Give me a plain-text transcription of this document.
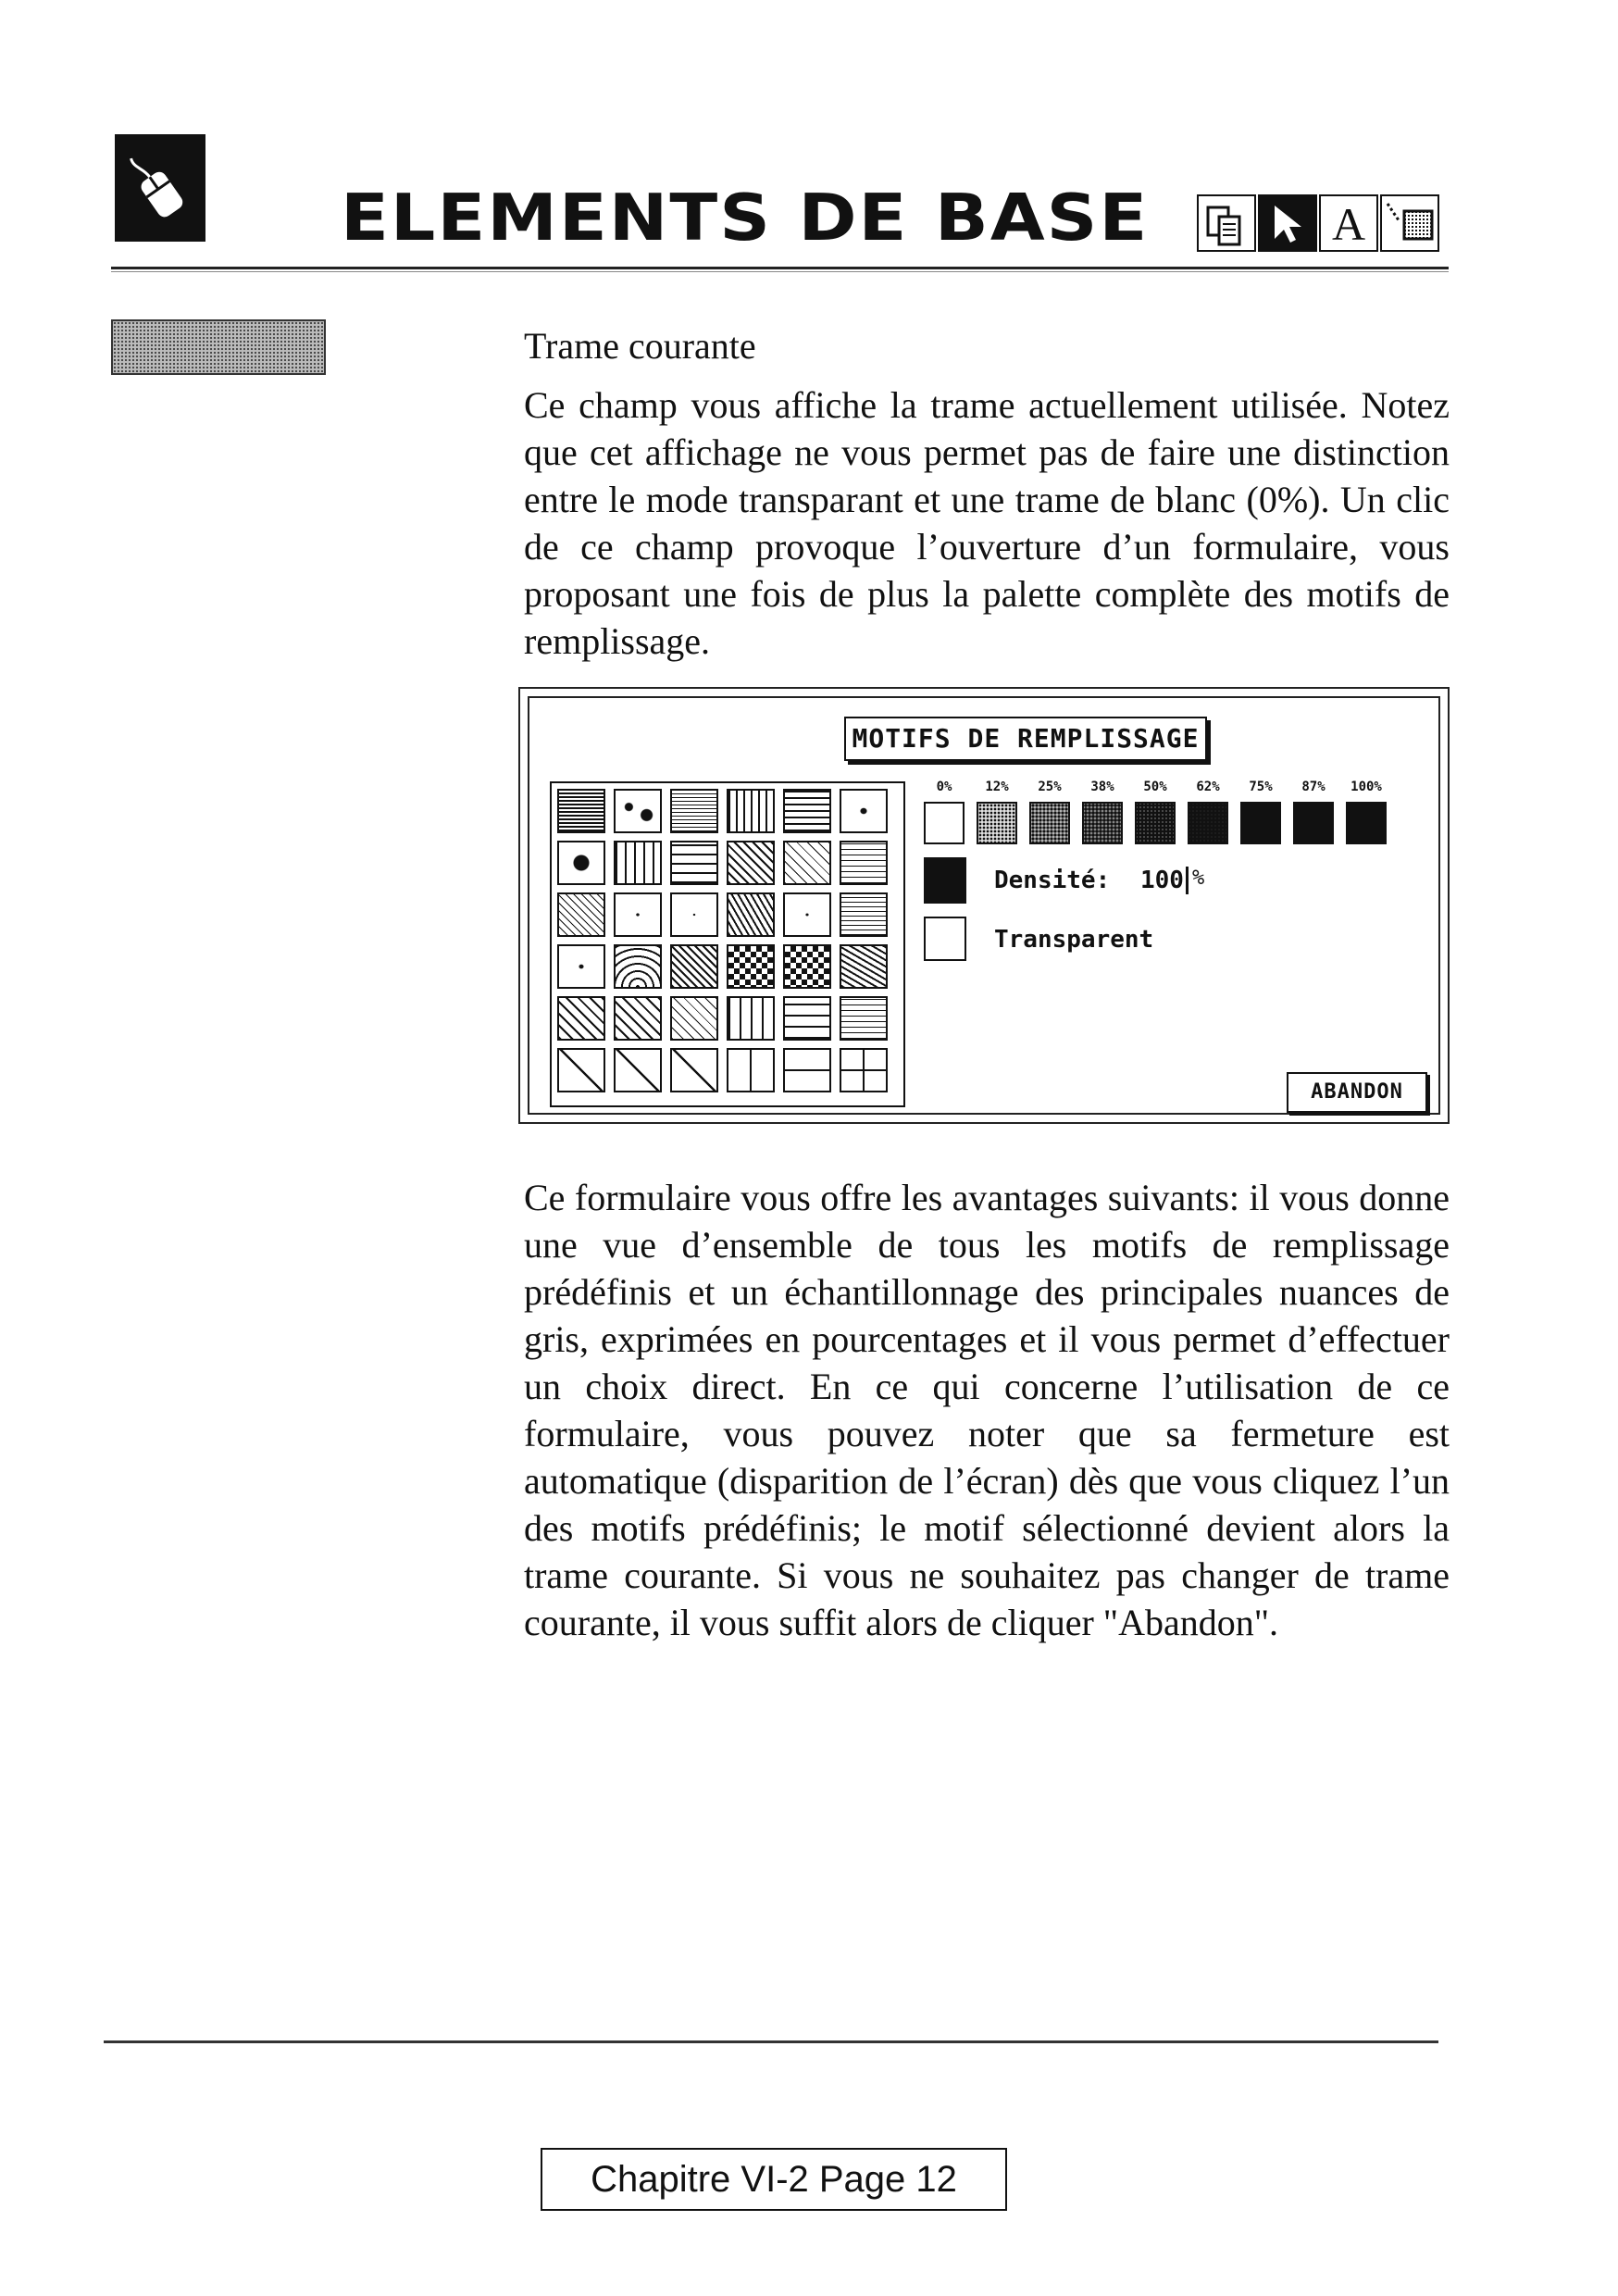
ELEMENTS DE BASE	A
Trame courante
Ce champ vous affiche la trame actuellement utilisée. Notez que cet affichage ne vous permet pas de faire une distinction entre le mode transparant et une trame de blanc (0%). Un clic de ce champ provoque l’ouverture d’un formulaire, vous proposant une fois de plus la palette complète des motifs de remplissage.
MOTIFS DE REMPLISSAGE
0%	12%	25%	38%	50%	62%	75%	87%	100%
Densité: 100 %
Transparent
ABANDON
Ce formulaire vous offre les avantages suivants: il vous donne une vue d’ensemble de tous les motifs de remplissage prédéfinis et un échantillonnage des principales nuances de gris, exprimées en pourcentages et il vous permet d’effectuer un choix direct. En ce qui concerne l’utilisation de ce formulaire, vous pouvez noter que sa fermeture est automatique (disparition de l’écran) dès que vous cliquez l’un des motifs prédéfinis; le motif sélectionné devient alors la trame courante. Si vous ne souhaitez pas changer de trame courante, il vous suffit alors de cliquer "Abandon".
Chapitre VI-2 Page 12
